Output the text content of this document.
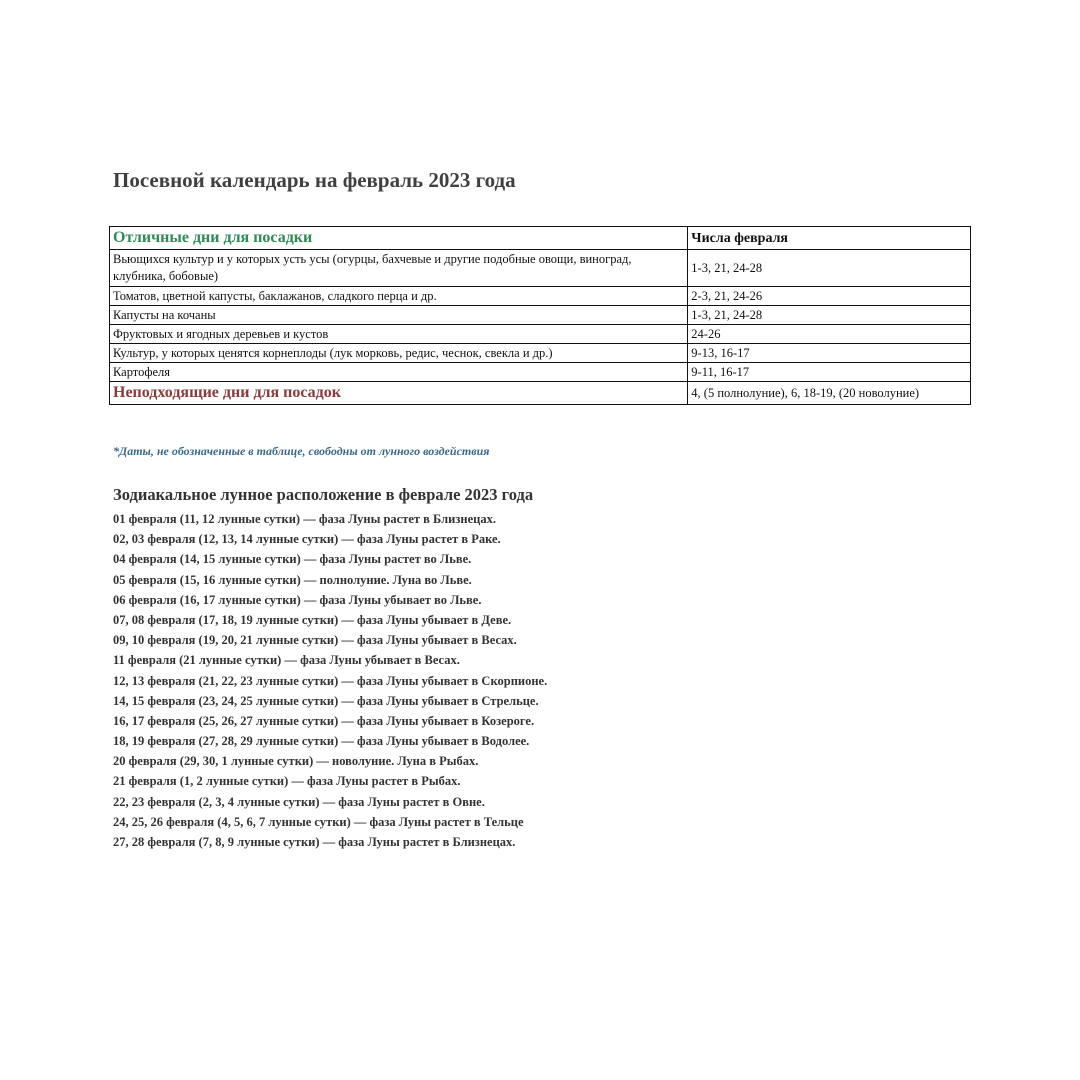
Посевной календарь на февраль 2023 года
Отличные дни для посадки	Числа февраля
Вьющихся культур и у которых усть усы (огурцы, бахчевые и другие подобные овощи, виноград, клубника, бобовые)	1-3, 21, 24-28
Томатов, цветной капусты, баклажанов, сладкого перца и др.	2-3, 21, 24-26
Капусты на кочаны	1-3, 21, 24-28
Фруктовых и ягодных деревьев и кустов	24-26
Культур, у которых ценятся корнеплоды (лук морковь, редис, чеснок, свекла и др.)	9-13, 16-17
Картофеля	9-11, 16-17
Неподходящие дни для посадок	4, (5 полнолуние), 6, 18-19, (20 новолуние)
*Даты, не обозначенные в таблице, свободны от лунного воздействия
Зодиакальное лунное расположение в феврале 2023 года
01 февраля (11, 12 лунные сутки) — фаза Луны растет в Близнецах.
02, 03 февраля (12, 13, 14 лунные сутки) — фаза Луны растет в Раке.
04 февраля (14, 15 лунные сутки) — фаза Луны растет во Льве.
05 февраля (15, 16 лунные сутки) — полнолуние. Луна во Льве.
06 февраля (16, 17 лунные сутки) — фаза Луны убывает во Льве.
07, 08 февраля (17, 18, 19 лунные сутки) — фаза Луны убывает в Деве.
09, 10 февраля (19, 20, 21 лунные сутки) — фаза Луны убывает в Весах.
11 февраля (21 лунные сутки) — фаза Луны убывает в Весах.
12, 13 февраля (21, 22, 23 лунные сутки) — фаза Луны убывает в Скорпионе.
14, 15 февраля (23, 24, 25 лунные сутки) — фаза Луны убывает в Стрельце.
16, 17 февраля (25, 26, 27 лунные сутки) — фаза Луны убывает в Козероге.
18, 19 февраля (27, 28, 29 лунные сутки) — фаза Луны убывает в Водолее.
20 февраля (29, 30, 1 лунные сутки) — новолуние. Луна в Рыбах.
21 февраля (1, 2 лунные сутки) — фаза Луны растет в Рыбах.
22, 23 февраля (2, 3, 4 лунные сутки) — фаза Луны растет в Овне.
24, 25, 26 февраля (4, 5, 6, 7 лунные сутки) — фаза Луны растет в Тельце
27, 28 февраля (7, 8, 9 лунные сутки) — фаза Луны растет в Близнецах.
